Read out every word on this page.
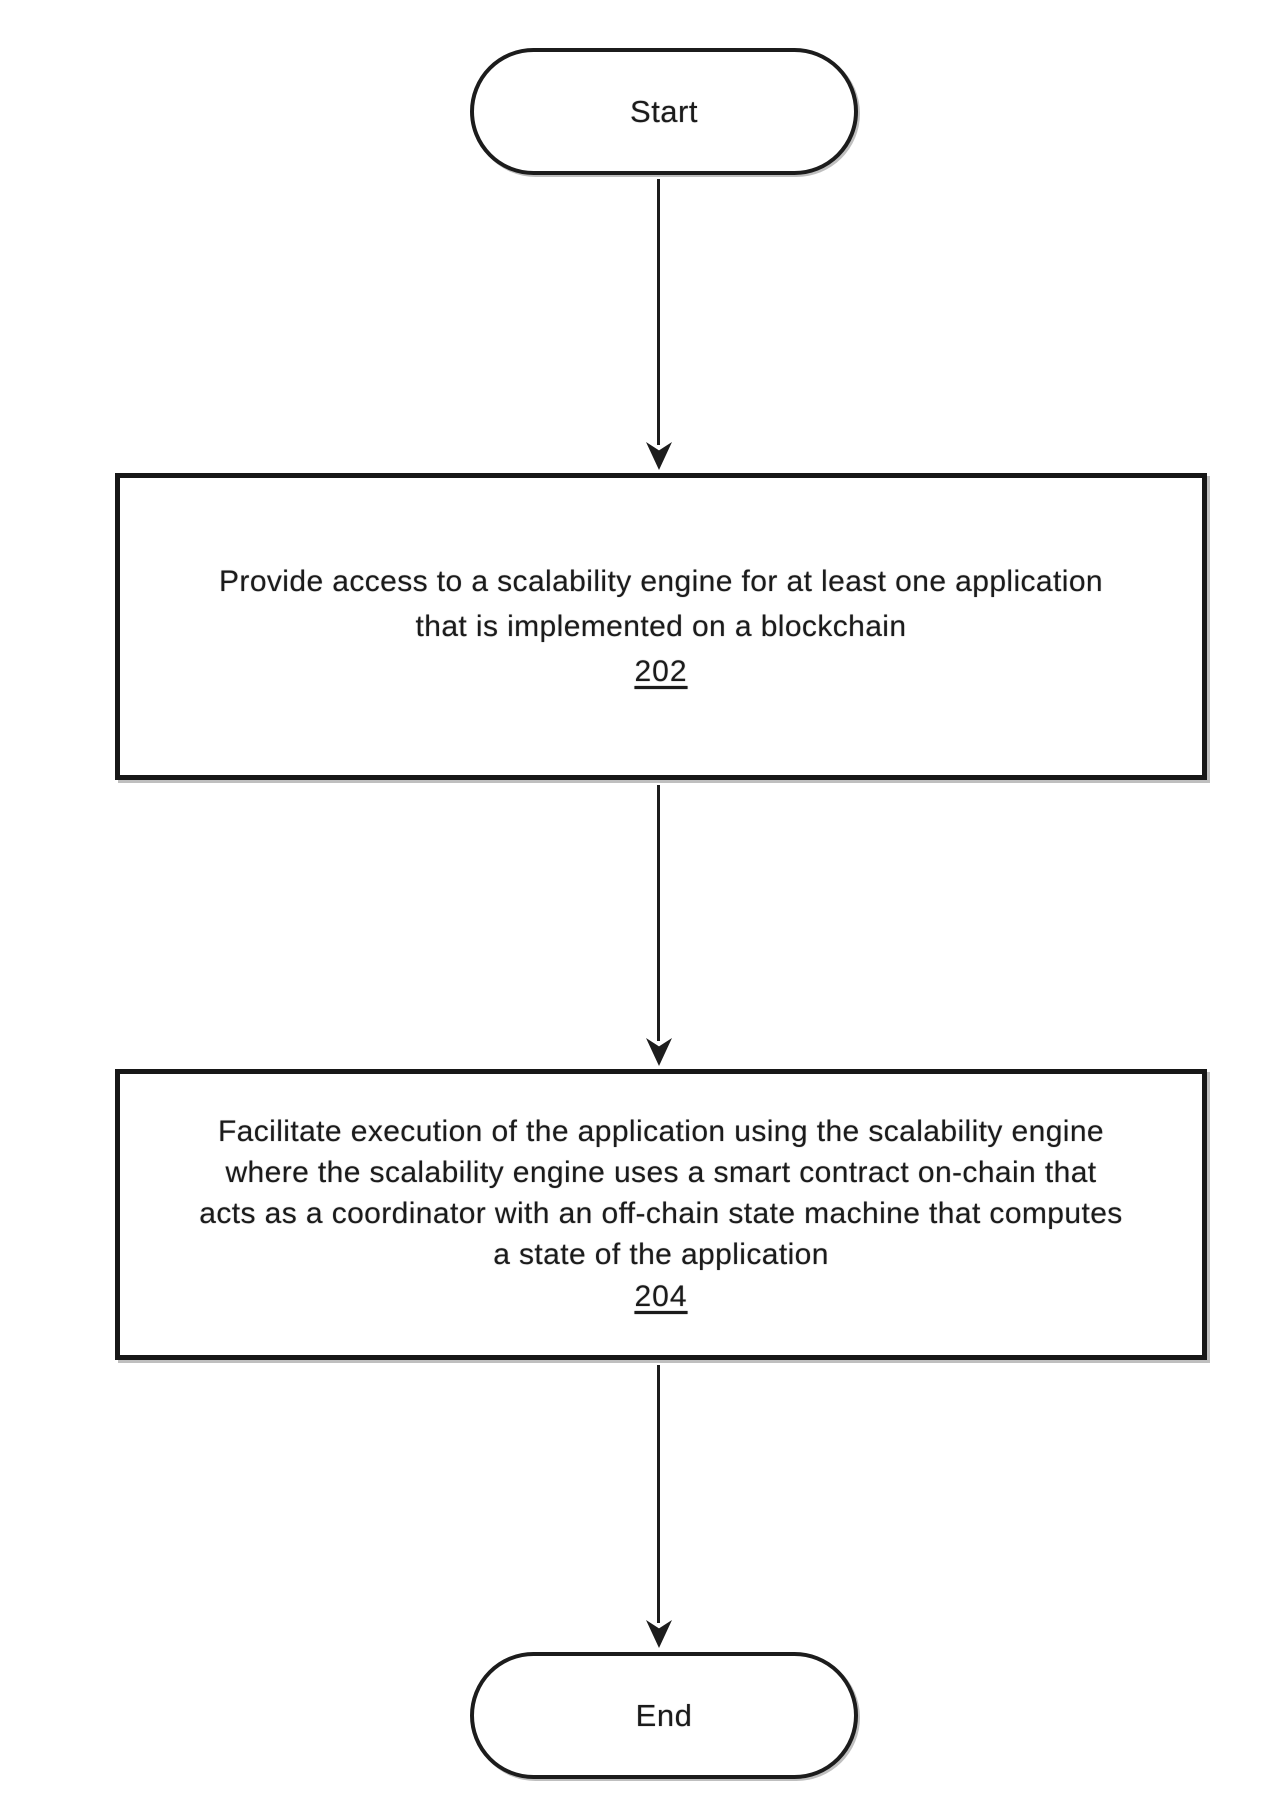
Start
Provide access to a scalability engine for at least one application
that is implemented on a blockchain
202
Facilitate execution of the application using the scalability engine
where the scalability engine uses a smart contract on-chain that
acts as a coordinator with an off-chain state machine that computes
a state of the application
204
End
